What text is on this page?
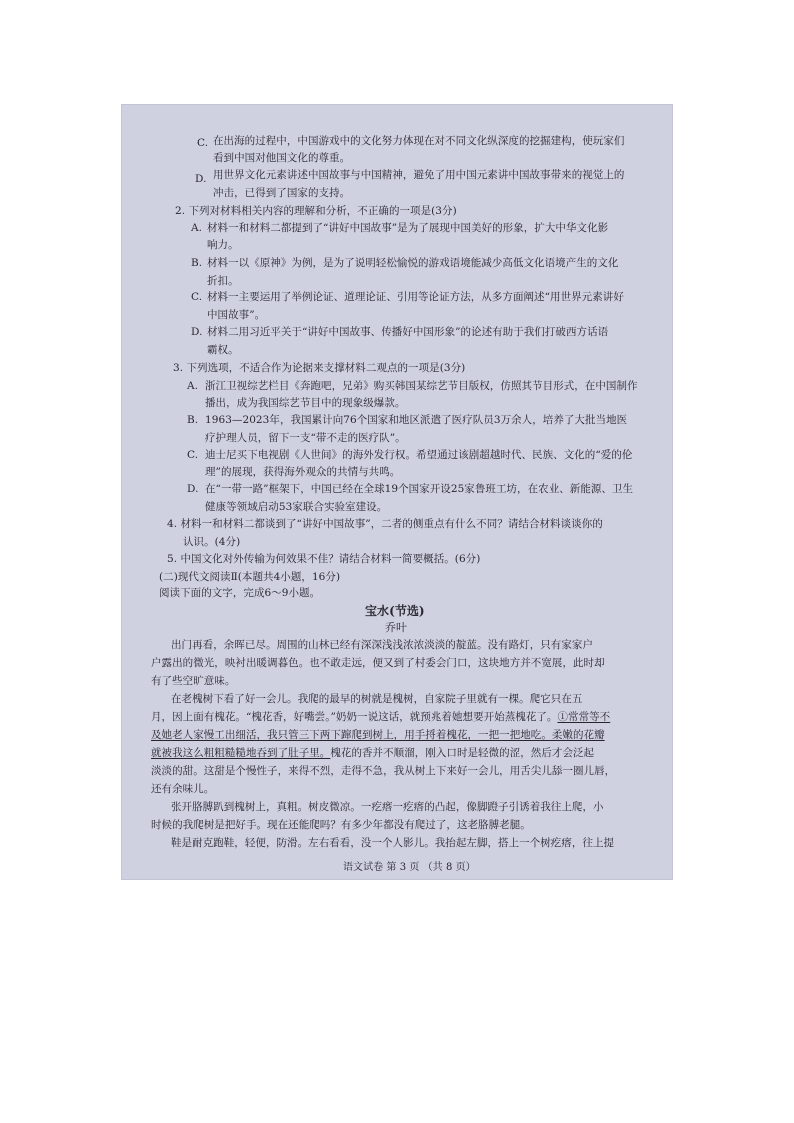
C. 在出海的过程中，中国游戏中的文化努力体现在对不同文化纵深度的挖掘建构，使玩家们
看到中国对他国文化的尊重。
D. 用世界文化元素讲述中国故事与中国精神，避免了用中国元素讲中国故事带来的视觉上的
冲击，已得到了国家的支持。
2. 下列对材料相关内容的理解和分析，不正确的一项是(3分)
A. 材料一和材料二都提到了“讲好中国故事”是为了展现中国美好的形象，扩大中华文化影
响力。
B. 材料一以《原神》为例，是为了说明轻松愉悦的游戏语境能减少高低文化语境产生的文化
折扣。
C. 材料一主要运用了举例论证、道理论证、引用等论证方法，从多方面阐述“用世界元素讲好
中国故事”。
D. 材料二用习近平关于“讲好中国故事、传播好中国形象”的论述有助于我们打破西方话语
霸权。
3. 下列选项，不适合作为论据来支撑材料二观点的一项是(3分)
A. 浙江卫视综艺栏目《奔跑吧，兄弟》购买韩国某综艺节目版权，仿照其节目形式，在中国制作
播出，成为我国综艺节目中的现象级爆款。
B. 1963—2023年，我国累计向76个国家和地区派遣了医疗队员3万余人，培养了大批当地医
疗护理人员，留下一支“带不走的医疗队”。
C. 迪士尼买下电视剧《人世间》的海外发行权。希望通过该剧超越时代、民族、文化的“爱的伦
理”的展现，获得海外观众的共情与共鸣。
D. 在“一带一路”框架下，中国已经在全球19个国家开设25家鲁班工坊，在农业、新能源、卫生
健康等领域启动53家联合实验室建设。
4. 材料一和材料二都谈到了“讲好中国故事”，二者的侧重点有什么不同？请结合材料谈谈你的
认识。(4分)
5. 中国文化对外传输为何效果不佳？请结合材料一简要概括。(6分)
(二)现代文阅读Ⅱ(本题共4小题，16分)
阅读下面的文字，完成6～9小题。
宝水(节选)
乔叶
出门再看，余晖已尽。周围的山林已经有深深浅浅浓浓淡淡的靛蓝。没有路灯，只有家家户
户露出的微光，映衬出暖调暮色。也不敢走远，便又到了村委会门口，这块地方并不宽展，此时却
有了些空旷意味。
在老槐树下看了好一会儿。我爬的最早的树就是槐树，自家院子里就有一棵。爬它只在五
月，因上面有槐花。“槐花香，好嘴尝。”奶奶一说这话，就预兆着她想要开始蒸槐花了。①常常等不
及她老人家慢工出细活，我只管三下两下蹿爬到树上，用手捋着槐花，一把一把地吃。柔嫩的花瓣
就被我这么粗粗糙糙地吞到了肚子里。槐花的香并不顺溜，刚入口时是轻微的涩，然后才会泛起
淡淡的甜。这甜是个慢性子，来得不烈，走得不急，我从树上下来好一会儿，用舌尖儿舔一圈儿唇，
还有余味儿。
张开胳膊趴到槐树上，真粗。树皮微凉。一疙瘩一疙瘩的凸起，像脚蹬子引诱着我往上爬，小
时候的我爬树是把好手。现在还能爬吗？有多少年都没有爬过了，这老胳膊老腿。
鞋是耐克跑鞋，轻便，防滑。左右看看，没一个人影儿。我抬起左脚，搭上一个树疙瘩，往上提
语文试卷 第 3 页 （共 8 页）
